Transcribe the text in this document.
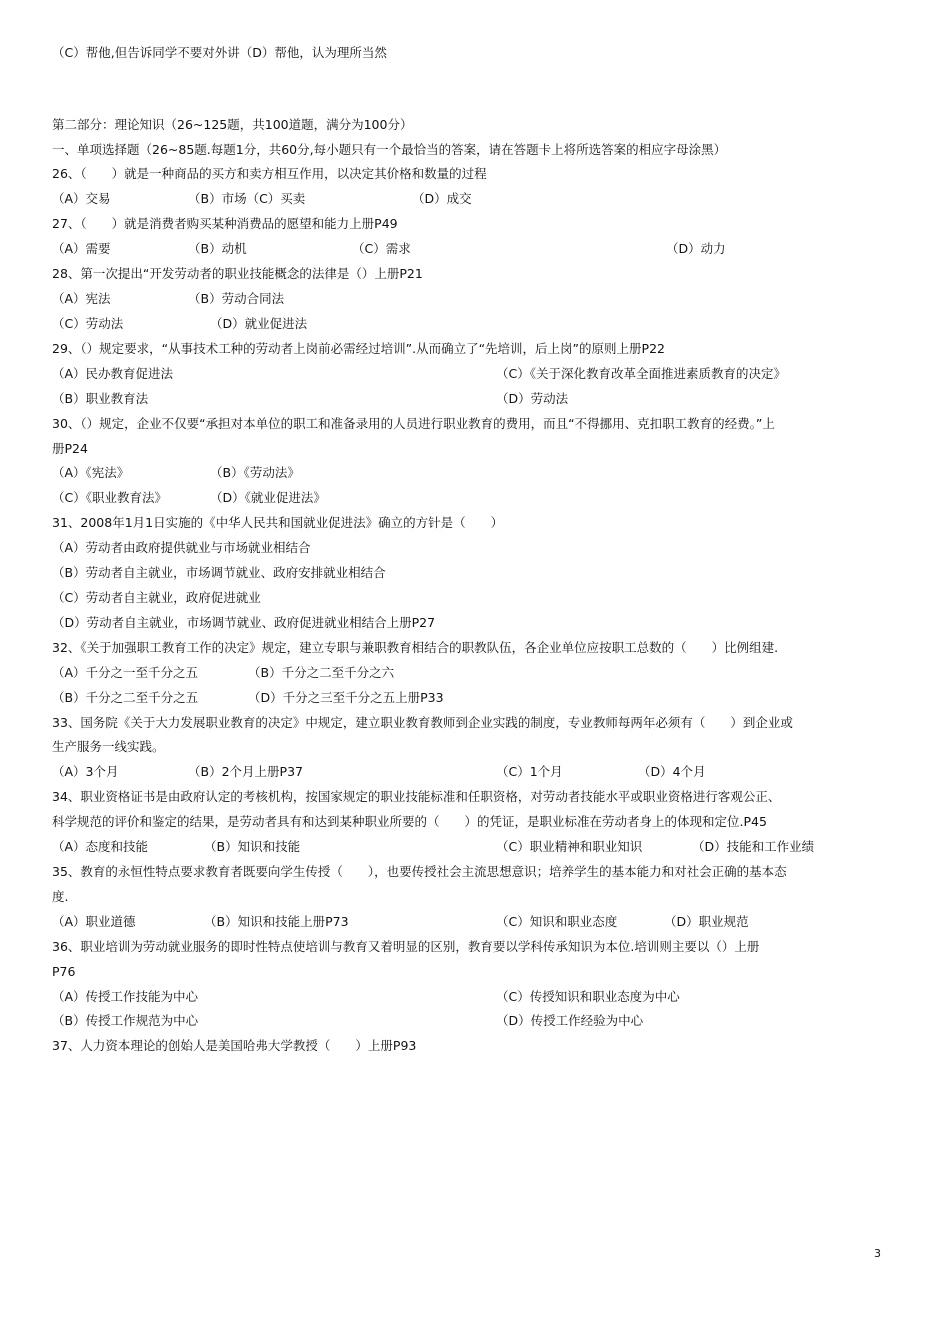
（C）帮他,但告诉同学不要对外讲（D）帮他，认为理所当然
第二部分：理论知识（26~125题，共100道题，满分为100分）
一、单项选择题（26~85题.每题1分，共60分,每小题只有一个最恰当的答案，请在答题卡上将所选答案的相应字母涂黑）
26、（　　）就是一种商品的买方和卖方相互作用，以决定其价格和数量的过程
（A）交易	（B）市场（C）买卖	（D）成交
27、（　　）就是消费者购买某种消费品的愿望和能力上册P49
（A）需要	（B）动机	（C）需求	（D）动力
28、第一次提出“开发劳动者的职业技能概念的法律是（）上册P21
（A）宪法	（B）劳动合同法
（C）劳动法	（D）就业促进法
29、（）规定要求，“从事技术工种的劳动者上岗前必需经过培训”.从而确立了“先培训，后上岗”的原则上册P22
（A）民办教育促进法	（C）《关于深化教育改革全面推进素质教育的决定》
（B）职业教育法	（D）劳动法
30、（）规定，企业不仅要“承担对本单位的职工和准备录用的人员进行职业教育的费用，而且“不得挪用、克扣职工教育的经费。”上
册P24
（A）《宪法》	（B）《劳动法》
（C）《职业教育法》	（D）《就业促进法》
31、2008年1月1日实施的《中华人民共和国就业促进法》确立的方针是（　　）
（A）劳动者由政府提供就业与市场就业相结合
（B）劳动者自主就业，市场调节就业、政府安排就业相结合
（C）劳动者自主就业，政府促进就业
（D）劳动者自主就业，市场调节就业、政府促进就业相结合上册P27
32、《关于加强职工教育工作的决定》规定，建立专职与兼职教育相结合的职教队伍，各企业单位应按职工总数的（　　）比例组建.
（A）千分之一至千分之五	（B）千分之二至千分之六
（B）千分之二至千分之五	（D）千分之三至千分之五上册P33
33、国务院《关于大力发展职业教育的决定》中规定，建立职业教育教师到企业实践的制度，专业教师每两年必须有（　　）到企业或
生产服务一线实践。
（A）3个月	（B）2个月上册P37	（C）1个月	（D）4个月
34、职业资格证书是由政府认定的考核机构，按国家规定的职业技能标准和任职资格，对劳动者技能水平或职业资格进行客观公正、
科学规范的评价和鉴定的结果，是劳动者具有和达到某种职业所要的（　　）的凭证，是职业标准在劳动者身上的体现和定位.P45
（A）态度和技能	（B）知识和技能	（C）职业精神和职业知识	（D）技能和工作业绩
35、教育的永恒性特点要求教育者既要向学生传授（　　），也要传授社会主流思想意识；培养学生的基本能力和对社会正确的基本态
度.
（A）职业道德	（B）知识和技能上册P73	（C）知识和职业态度	（D）职业规范
36、职业培训为劳动就业服务的即时性特点使培训与教育又着明显的区别，教育要以学科传承知识为本位.培训则主要以（）上册
P76
（A）传授工作技能为中心	（C）传授知识和职业态度为中心
（B）传授工作规范为中心	（D）传授工作经验为中心
37、人力资本理论的创始人是美国哈弗大学教授（　　）上册P93
3
